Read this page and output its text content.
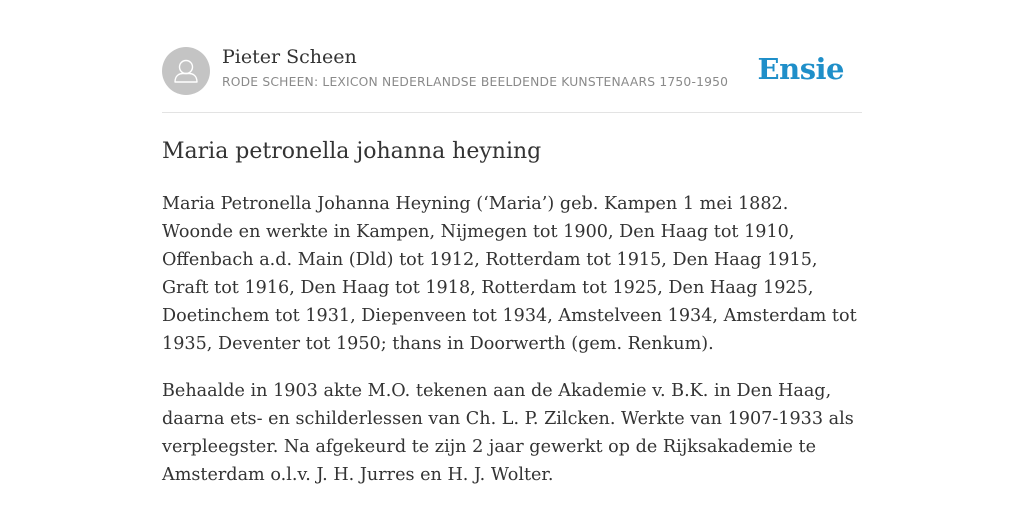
Pieter Scheen
RODE SCHEEN: LEXICON NEDERLANDSE BEELDENDE KUNSTENAARS 1750-1950 Ensie
Maria petronella johanna heyning

Maria Petronella Johanna Heyning (‘Maria’) geb. Kampen 1 mei 1882. Woonde en werkte in Kampen, Nijmegen tot 1900, Den Haag tot 1910, Offenbach a.d. Main (Dld) tot 1912, Rotterdam tot 1915, Den Haag 1915, Graft tot 1916, Den Haag tot 1918, Rotterdam tot 1925, Den Haag 1925, Doetinchem tot 1931, Diepenveen tot 1934, Amstelveen 1934, Amsterdam tot 1935, Deventer tot 1950; thans in Doorwerth (gem. Renkum).

Behaalde in 1903 akte M.O. tekenen aan de Akademie v. B.K. in Den Haag, daarna ets- en schilderlessen van Ch. L. P. Zilcken. Werkte van 1907-1933 als verpleegster. Na afgekeurd te zijn 2 jaar gewerkt op de Rijksakademie te Amsterdam o.l.v. J. H. Jurres en H. J. Wolter.
